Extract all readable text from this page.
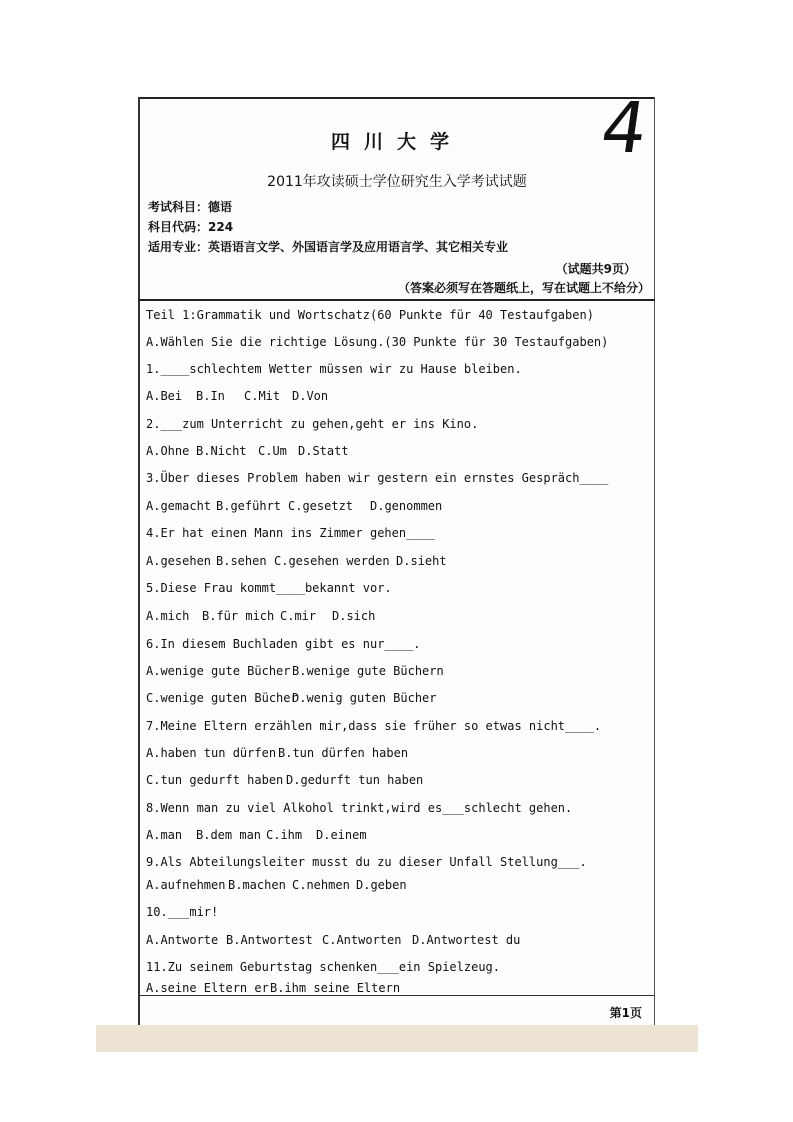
四川大学	4
2011年攻读硕士学位研究生入学考试试题
考试科目：德语
科目代码：224
适用专业：英语语言文学、外国语言学及应用语言学、其它相关专业
（试题共9页）
（答案必须写在答题纸上，写在试题上不给分）
Teil 1:Grammatik und Wortschatz(60 Punkte für 40 Testaufgaben)
A.Wählen Sie die richtige Lösung.(30 Punkte für 30 Testaufgaben)
1.____schlechtem Wetter müssen wir zu Hause bleiben.
A.Bei B.In C.Mit D.Von
2.___zum Unterricht zu gehen,geht er ins Kino.
A.Ohne B.Nicht C.Um D.Statt
3.Über dieses Problem haben wir gestern ein ernstes Gespräch____
A.gemacht B.geführt C.gesetzt D.genommen
4.Er hat einen Mann ins Zimmer gehen____
A.gesehen B.sehen C.gesehen werden D.sieht
5.Diese Frau kommt____bekannt vor.
A.mich B.für mich C.mir D.sich
6.In diesem Buchladen gibt es nur____.
A.wenige gute Bücher B.wenige gute Büchern
C.wenige guten Bücher
D.wenig guten Bücher
7.Meine Eltern erzählen mir,dass sie früher so etwas nicht____.
A.haben tun dürfen B.tun dürfen haben
C.tun gedurft haben D.gedurft tun haben
8.Wenn man zu viel Alkohol trinkt,wird es___schlecht gehen.
A.man B.dem man C.ihm D.einem
9.Als Abteilungsleiter musst du zu dieser Unfall Stellung___.
A.aufnehmen B.machen C.nehmen D.geben
10.___mir!
A.Antworte B.Antwortest C.Antworten D.Antwortest du
11.Zu seinem Geburtstag schenken___ein Spielzeug.
A.seine Eltern er B.ihm seine Eltern
第1页
